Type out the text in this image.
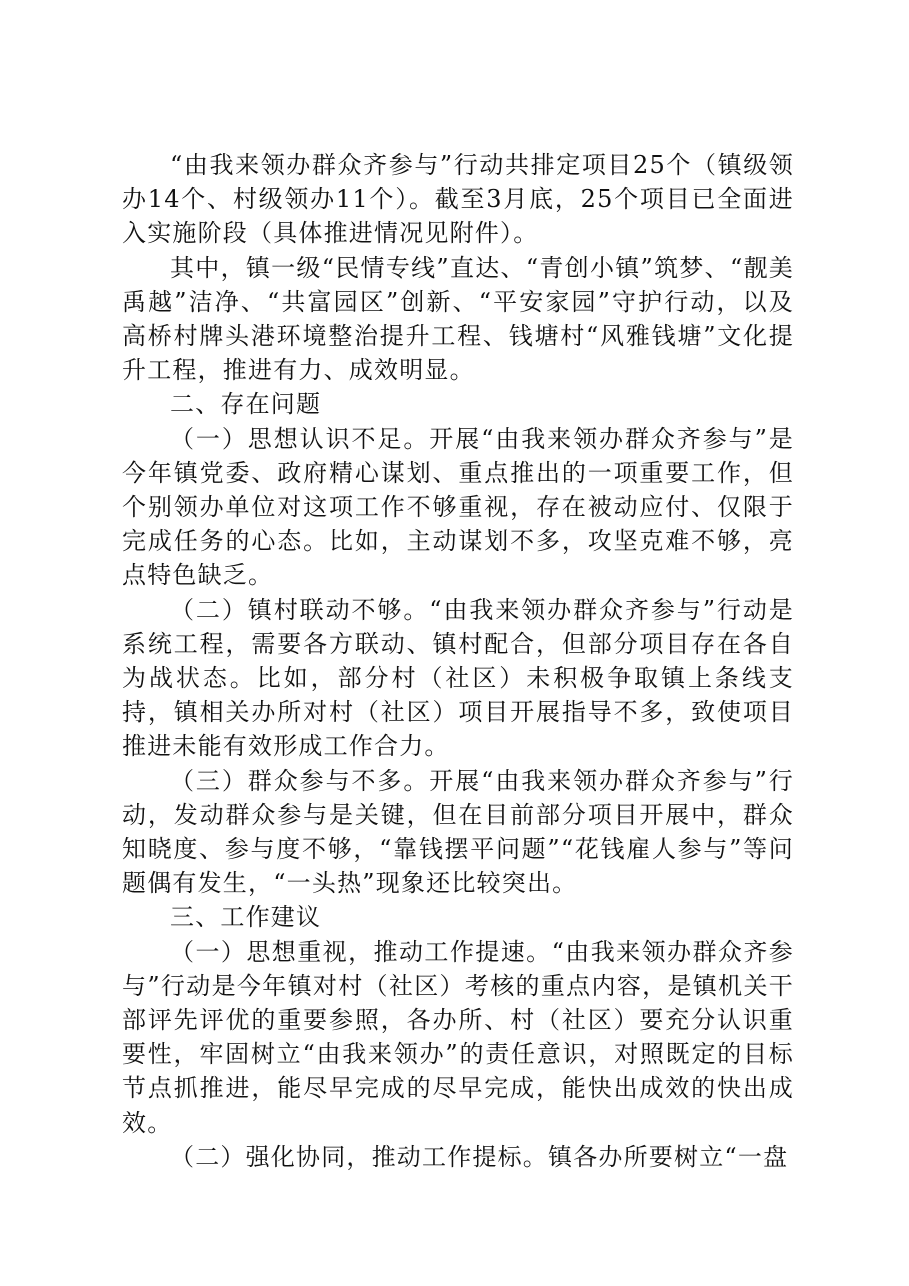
“由我来领办群众齐参与”行动共排定项目25个（镇级领办14个、村级领办11个）。截至3月底，25个项目已全面进入实施阶段（具体推进情况见附件）。

其中，镇一级“民情专线”直达、“青创小镇”筑梦、“靓美禹越”洁净、“共富园区”创新、“平安家园”守护行动，以及高桥村牌头港环境整治提升工程、钱塘村“风雅钱塘”文化提升工程，推进有力、成效明显。

二、存在问题

（一）思想认识不足。开展“由我来领办群众齐参与”是今年镇党委、政府精心谋划、重点推出的一项重要工作，但个别领办单位对这项工作不够重视，存在被动应付、仅限于完成任务的心态。比如，主动谋划不多，攻坚克难不够，亮点特色缺乏。

（二）镇村联动不够。“由我来领办群众齐参与”行动是系统工程，需要各方联动、镇村配合，但部分项目存在各自为战状态。比如，部分村（社区）未积极争取镇上条线支持，镇相关办所对村（社区）项目开展指导不多，致使项目推进未能有效形成工作合力。

（三）群众参与不多。开展“由我来领办群众齐参与”行动，发动群众参与是关键，但在目前部分项目开展中，群众知晓度、参与度不够，“靠钱摆平问题”“花钱雇人参与”等问题偶有发生，“一头热”现象还比较突出。

三、工作建议

（一）思想重视，推动工作提速。“由我来领办群众齐参与”行动是今年镇对村（社区）考核的重点内容，是镇机关干部评先评优的重要参照，各办所、村（社区）要充分认识重要性，牢固树立“由我来领办”的责任意识，对照既定的目标节点抓推进，能尽早完成的尽早完成，能快出成效的快出成效。

（二）强化协同，推动工作提标。镇各办所要树立“一盘
